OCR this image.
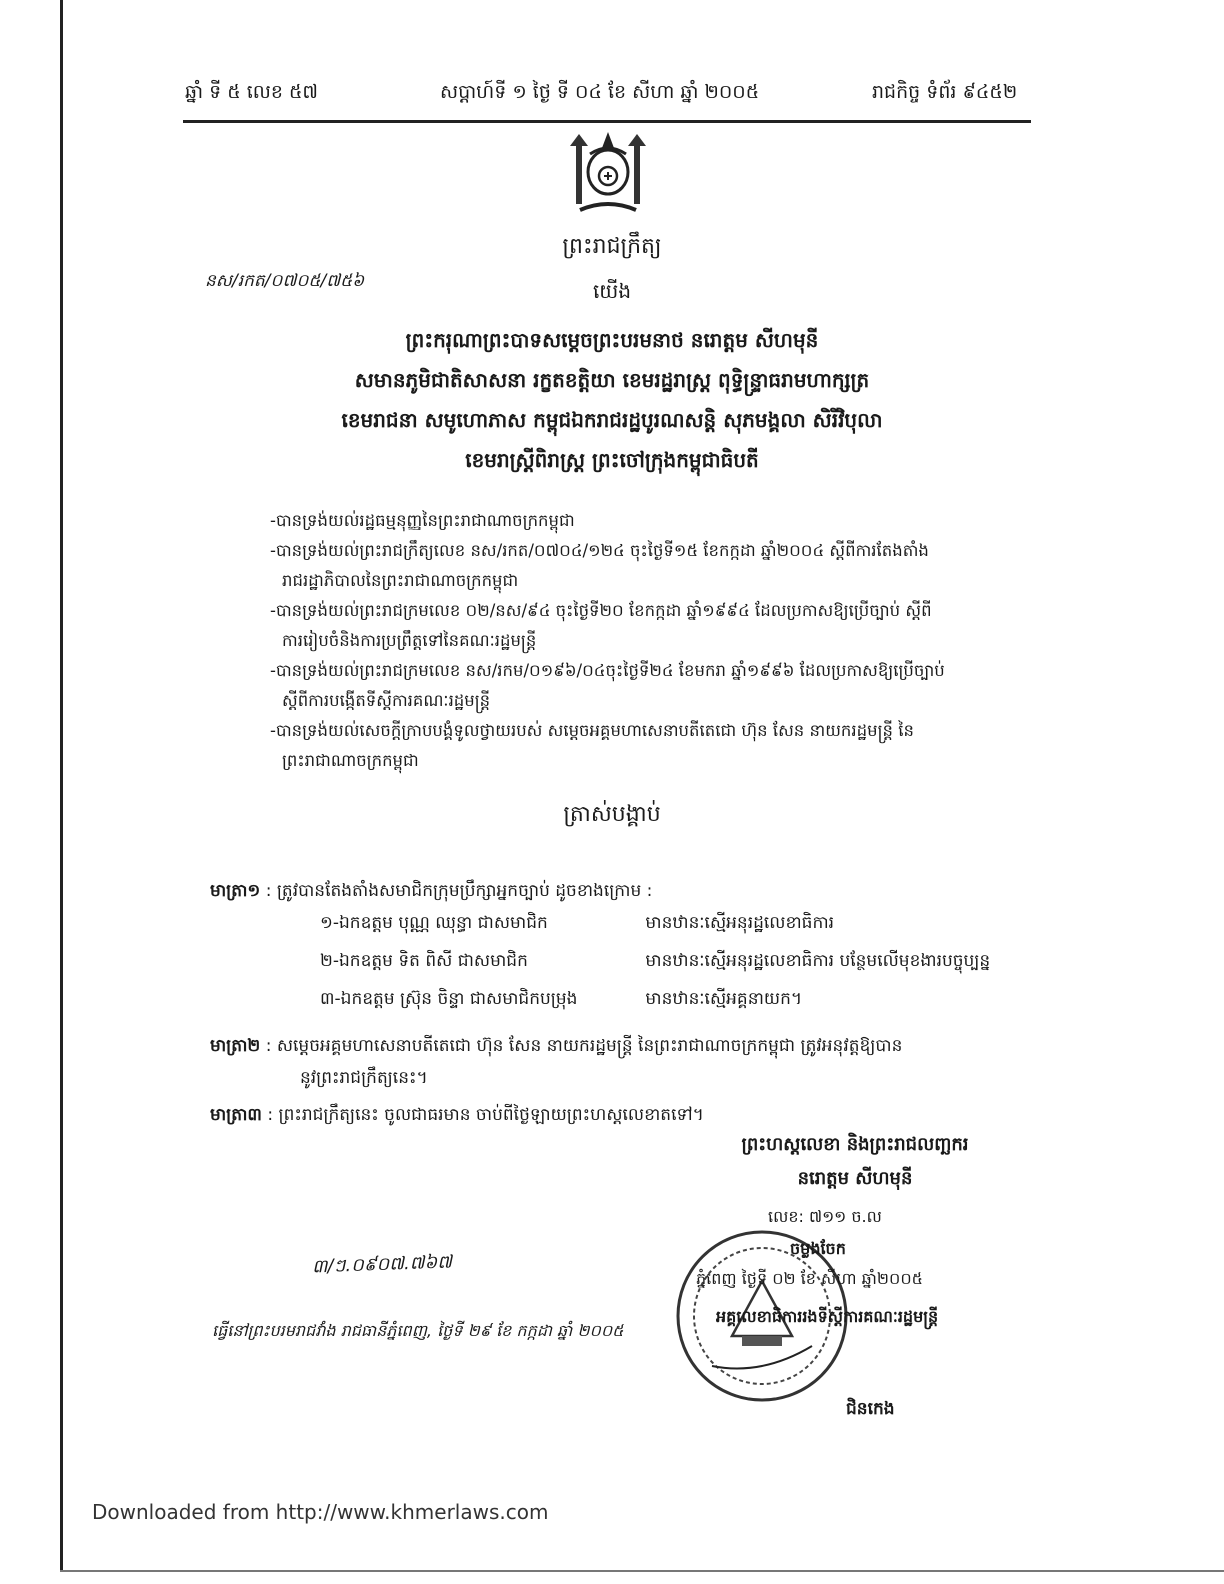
ឆ្នាំ ទី ៥ លេខ ៥៧	សប្តាហ៍ទី ១ ថ្ងៃ ទី ០៤ ខែ សីហា ឆ្នាំ ២០០៥	រាជកិច្ច ទំព័រ ៩៤៥២
ព្រះរាជក្រឹត្យ
នស/រកត/០៧០៥/៧៥៦	យើង
ព្រះករុណាព្រះបាទសម្តេចព្រះបរមនាថ នរោត្តម សីហមុនី
សមានភូមិជាតិសាសនា រក្ខតខត្តិយា ខេមរដ្ឋរាស្ត្រ ពុទ្ធិន្ទ្រាធរាមហាក្សត្រ
ខេមរាជនា សមូហោភាស កម្ពុជឯករាជរដ្ឋបូរណសន្តិ សុភមង្គលា សិរីវិបុលា
ខេមរាស្រ្តីពិរាស្ត្រ ព្រះចៅក្រុងកម្ពុជាធិបតី
-បានទ្រង់យល់រដ្ឋធម្មនុញ្ញនៃព្រះរាជាណាចក្រកម្ពុជា
-បានទ្រង់យល់ព្រះរាជក្រឹត្យលេខ នស/រកត/០៧០៤/១២៤ ចុះថ្ងៃទី១៥ ខែកក្កដា ឆ្នាំ២០០៤ ស្តីពីការតែងតាំង
រាជរដ្ឋាភិបាលនៃព្រះរាជាណាចក្រកម្ពុជា
-បានទ្រង់យល់ព្រះរាជក្រមលេខ ០២/នស/៩៤ ចុះថ្ងៃទី២០ ខែកក្កដា ឆ្នាំ១៩៩៤ ដែលប្រកាសឱ្យប្រើច្បាប់ ស្តីពី
ការរៀបចំនិងការប្រព្រឹត្តទៅនៃគណៈរដ្ឋមន្ត្រី
-បានទ្រង់យល់ព្រះរាជក្រមលេខ នស/រកម/០១៩៦/០៤ចុះថ្ងៃទី២៤ ខែមករា ឆ្នាំ១៩៩៦ ដែលប្រកាសឱ្យប្រើច្បាប់
ស្តីពីការបង្កើតទីស្តីការគណៈរដ្ឋមន្ត្រី
-បានទ្រង់យល់សេចក្តីក្រាបបង្គំទូលថ្វាយរបស់ សម្តេចអគ្គមហាសេនាបតីតេជោ ហ៊ុន សែន នាយករដ្ឋមន្ត្រី នៃ
ព្រះរាជាណាចក្រកម្ពុជា
ត្រាស់បង្គាប់
មាត្រា១ : ត្រូវបានតែងតាំងសមាជិកក្រុមប្រឹក្សាអ្នកច្បាប់ ដូចខាងក្រោម :
១-ឯកឧត្តម បុណ្ណ ឈុន្ធា ជាសមាជិក	មានឋានៈស្មើអនុរដ្ឋលេខាធិការ
២-ឯកឧត្តម ទិត ពិសី ជាសមាជិក	មានឋានៈស្មើអនុរដ្ឋលេខាធិការ បន្ថែមលើមុខងារបច្ចុប្បន្ន
៣-ឯកឧត្តម ស្រ៊ុន ចិន្ទា ជាសមាជិកបម្រុង	មានឋានៈស្មើអគ្គនាយក។
មាត្រា២ : សម្តេចអគ្គមហាសេនាបតីតេជោ ហ៊ុន សែន នាយករដ្ឋមន្ត្រី នៃព្រះរាជាណាចក្រកម្ពុជា ត្រូវអនុវត្តឱ្យបាន
នូវព្រះរាជក្រឹត្យនេះ។
មាត្រា៣ : ព្រះរាជក្រឹត្យនេះ ចូលជាធរមាន ចាប់ពីថ្ងៃឡាយព្រះហស្តលេខាតទៅ។
ព្រះហស្តលេខា និងព្រះរាជលញ្ឆករ
នរោត្តម សីហមុនី
លេខ: ៧១១ ច.ល
ចម្លងចែក
ភ្នំពេញ ថ្ងៃទី ០២ ខែ សីហា ឆ្នាំ២០០៥
អគ្គលេខាធិការរងទីស្តីការគណៈរដ្ឋមន្ត្រី
៣/ៗ.០៩០៧.៧៦៧
ធ្វើនៅព្រះបរមរាជវាំង រាជធានីភ្នំពេញ, ថ្ងៃទី ២៩ ខែ កក្កដា ឆ្នាំ ២០០៥
ជិនកេង
Downloaded from http://www.khmerlaws.com
